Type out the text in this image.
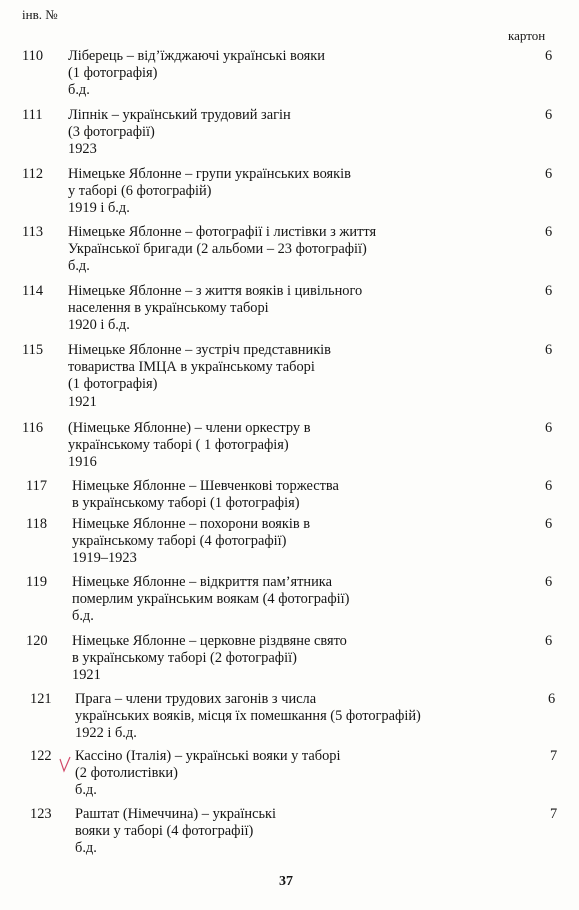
інв. №
картон
110 Ліберець – від’їжджаючі українські вояки
(1 фотографія)
б.д.
6
111 Ліпнік – український трудовий загін
(3 фотографії)
1923
6
112 Німецьке Яблонне – групи українських вояків
у таборі (6 фотографій)
1919 і б.д.
6
113 Німецьке Яблонне – фотографії і листівки з життя
Української бригади (2 альбоми – 23 фотографії)
б.д.
6
114 Німецьке Яблонне – з життя вояків і цивільного
населення в українському таборі
1920 і б.д.
6
115 Німецьке Яблонне – зустріч представників
товариства ІМЦА в українському таборі
(1 фотографія)
1921
6
116 (Німецьке Яблонне) – члени оркестру в
українському таборі ( 1 фотографія)
1916
6
117 Німецьке Яблонне – Шевченкові торжества
в українському таборі (1 фотографія)
6
118 Німецьке Яблонне – похорони вояків в
українському таборі (4 фотографії)
1919–1923
6
119 Німецьке Яблонне – відкриття пам’ятника
померлим українським воякам (4 фотографії)
б.д.
6
120 Німецьке Яблонне – церковне різдвяне свято
в українському таборі (2 фотографії)
1921
6
121 Прага – члени трудових загонів з числа
українських вояків, місця їх помешкання (5 фотографій)
1922 і б.д.
6
122 Кассіно (Італія) – українські вояки у таборі
(2 фотолистівки)
б.д.
7
123 Раштат (Німеччина) – українські
вояки у таборі (4 фотографії)
б.д.
7
37
